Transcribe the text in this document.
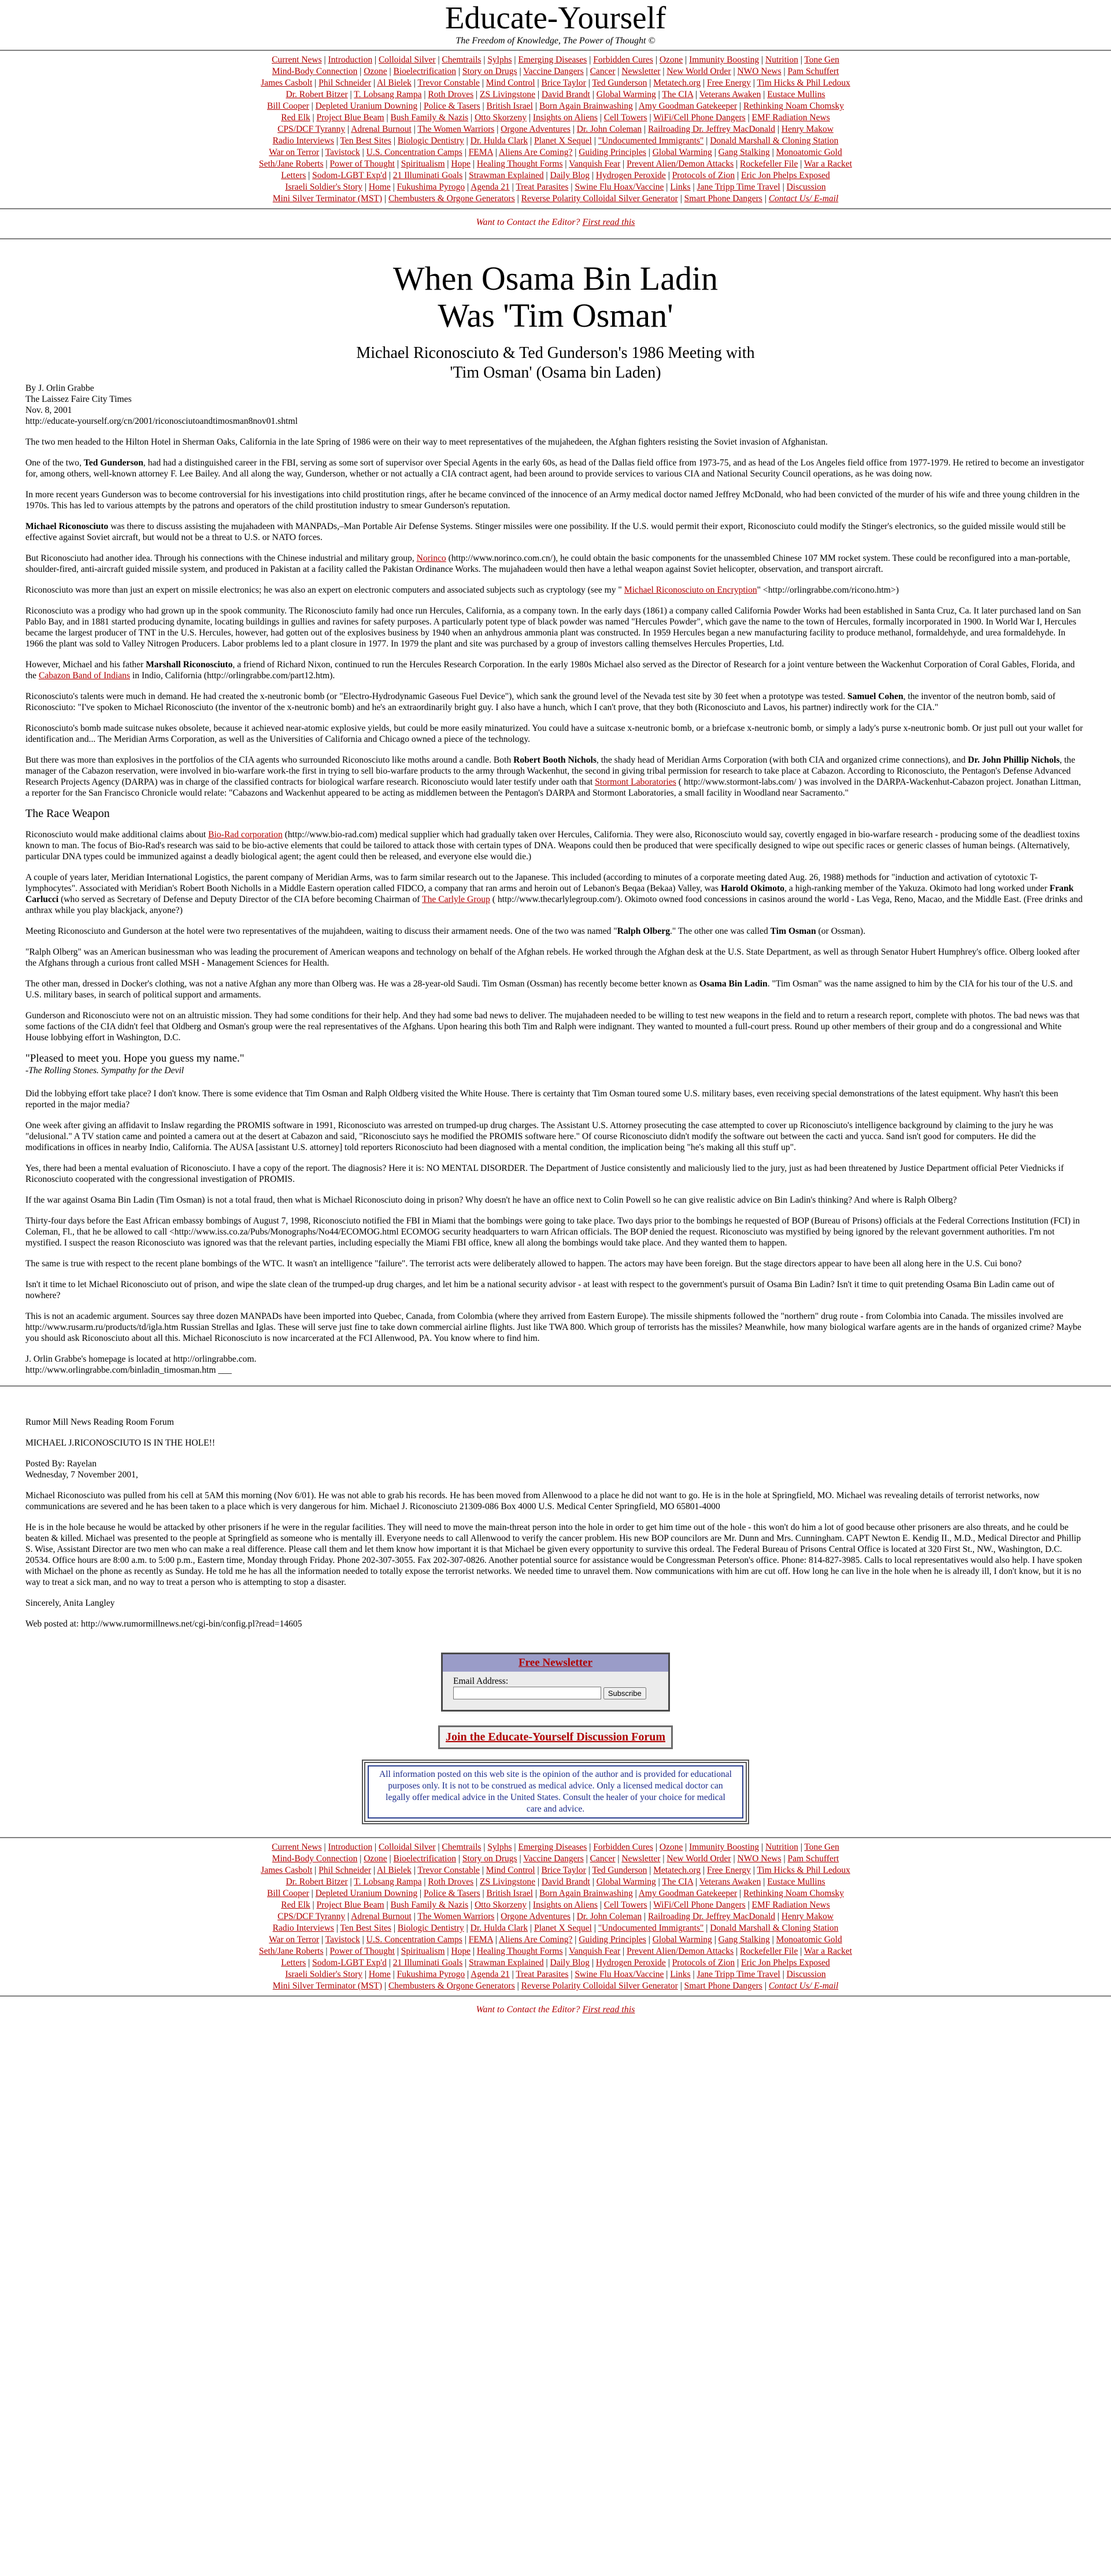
Educate-Yourself
The Freedom of Knowledge, The Power of Thought ©
Current News | Introduction | Colloidal Silver | Chemtrails | Sylphs | Emerging Diseases | Forbidden Cures | Ozone | Immunity Boosting | Nutrition | Tone Gen
Mind-Body Connection | Ozone | Bioelectrification | Story on Drugs | Vaccine Dangers | Cancer | Newsletter | New World Order | NWO News | Pam Schuffert
James Casbolt | Phil Schneider | Al Bielek | Trevor Constable | Mind Control | Brice Taylor | Ted Gunderson | Metatech.org | Free Energy | Tim Hicks & Phil Ledoux
Dr. Robert Bitzer | T. Lobsang Rampa | Roth Droves | ZS Livingstone | David Brandt | Global Warming | The CIA | Veterans Awaken | Eustace Mullins
Bill Cooper | Depleted Uranium Downing | Police & Tasers | British Israel | Born Again Brainwashing | Amy Goodman Gatekeeper | Rethinking Noam Chomsky
Red Elk | Project Blue Beam | Bush Family & Nazis | Otto Skorzeny | Insights on Aliens | Cell Towers | WiFi/Cell Phone Dangers | EMF Radiation News
CPS/DCF Tyranny | Adrenal Burnout | The Women Warriors | Orgone Adventures | Dr. John Coleman | Railroading Dr. Jeffrey MacDonald | Henry Makow
Radio Interviews | Ten Best Sites | Biologic Dentistry | Dr. Hulda Clark | Planet X Sequel | "Undocumented Immigrants" | Donald Marshall & Cloning Station
War on Terror | Tavistock | U.S. Concentration Camps | FEMA | Aliens Are Coming? | Guiding Principles | Global Warming | Gang Stalking | Monoatomic Gold
Seth/Jane Roberts | Power of Thought | Spiritualism | Hope | Healing Thought Forms | Vanquish Fear | Prevent Alien/Demon Attacks | Rockefeller File | War a Racket
Letters | Sodom-LGBT Exp'd | 21 Illuminati Goals | Strawman Explained | Daily Blog | Hydrogen Peroxide | Protocols of Zion | Eric Jon Phelps Exposed
Israeli Soldier's Story | Home | Fukushima Pyrogo | Agenda 21 | Treat Parasites | Swine Flu Hoax/Vaccine | Links | Jane Tripp Time Travel | Discussion
Mini Silver Terminator (MST) | Chembusters & Orgone Generators | Reverse Polarity Colloidal Silver Generator | Smart Phone Dangers | Contact Us/ E-mail
Want to Contact the Editor? First read this
When Osama Bin Ladin
Was 'Tim Osman'
Michael Riconosciuto & Ted Gunderson's 1986 Meeting with
'Tim Osman' (Osama bin Laden)

By J. Orlin Grabbe
The Laissez Faire City Times
Nov. 8, 2001
http://educate-yourself.org/cn/2001/riconosciutoandtimosman8nov01.shtml

The two men headed to the Hilton Hotel in Sherman Oaks, California in the late Spring of 1986 were on their way to meet representatives of the mujahedeen, the Afghan fighters resisting the Soviet invasion of Afghanistan.

One of the two, Ted Gunderson, had had a distinguished career in the FBI, serving as some sort of supervisor over Special Agents in the early 60s, as head of the Dallas field office from 1973-75, and as head of the Los Angeles field office from 1977-1979. He retired to become an investigator for, among others, well-known attorney F. Lee Bailey. And all along the way, Gunderson, whether or not actually a CIA contract agent, had been around to provide services to various CIA and National Security Council operations, as he was doing now.

In more recent years Gunderson was to become controversial for his investigations into child prostitution rings, after he became convinced of the innocence of an Army medical doctor named Jeffrey McDonald, who had been convicted of the murder of his wife and three young children in the 1970s. This has led to various attempts by the patrons and operators of the child prostitution industry to smear Gunderson's reputation.

Michael Riconosciuto was there to discuss assisting the mujahadeen with MANPADs,–Man Portable Air Defense Systems. Stinger missiles were one possibility. If the U.S. would permit their export, Riconosciuto could modify the Stinger's electronics, so the guided missile would still be effective against Soviet aircraft, but would not be a threat to U.S. or NATO forces.

But Riconosciuto had another idea. Through his connections with the Chinese industrial and military group, Norinco (http://www.norinco.com.cn/), he could obtain the basic components for the unassembled Chinese 107 MM rocket system. These could be reconfigured into a man-portable, shoulder-fired, anti-aircraft guided missile system, and produced in Pakistan at a facility called the Pakistan Ordinance Works. The mujahadeen would then have a lethal weapon against Soviet helicopter, observation, and transport aircraft.

Riconosciuto was more than just an expert on missile electronics; he was also an expert on electronic computers and associated subjects such as cryptology (see my " Michael Riconosciuto on Encryption" <http://orlingrabbe.com/ricono.htm>)

Riconosciuto was a prodigy who had grown up in the spook community. The Riconosciuto family had once run Hercules, California, as a company town. In the early days (1861) a company called California Powder Works had been established in Santa Cruz, Ca. It later purchased land on San Pablo Bay, and in 1881 started producing dynamite, locating buildings in gullies and ravines for safety purposes. A particularly potent type of black powder was named "Hercules Powder", which gave the name to the town of Hercules, formally incorporated in 1900. In World War I, Hercules became the largest producer of TNT in the U.S. Hercules, however, had gotten out of the explosives business by 1940 when an anhydrous ammonia plant was constructed. In 1959 Hercules began a new manufacturing facility to produce methanol, formaldehyde, and urea formaldehyde. In 1966 the plant was sold to Valley Nitrogen Producers. Labor problems led to a plant closure in 1977. In 1979 the plant and site was purchased by a group of investors calling themselves Hercules Properties, Ltd.

However, Michael and his father Marshall Riconosciuto, a friend of Richard Nixon, continued to run the Hercules Research Corporation. In the early 1980s Michael also served as the Director of Research for a joint venture between the Wackenhut Corporation of Coral Gables, Florida, and the Cabazon Band of Indians in Indio, California (http://orlingrabbe.com/part12.htm).

Riconosciuto's talents were much in demand. He had created the x-neutronic bomb (or "Electro-Hydrodynamic Gaseous Fuel Device"), which sank the ground level of the Nevada test site by 30 feet when a prototype was tested. Samuel Cohen, the inventor of the neutron bomb, said of Riconosciuto: "I've spoken to Michael Riconosciuto (the inventor of the x-neutronic bomb) and he's an extraordinarily bright guy. I also have a hunch, which I can't prove, that they both (Riconosciuto and Lavos, his partner) indirectly work for the CIA."

Riconosciuto's bomb made suitcase nukes obsolete, because it achieved near-atomic explosive yields, but could be more easily minaturized. You could have a suitcase x-neutronic bomb, or a briefcase x-neutronic bomb, or simply a lady's purse x-neutronic bomb. Or just pull out your wallet for identification and... The Meridian Arms Corporation, as well as the Universities of California and Chicago owned a piece of the technology.

But there was more than explosives in the portfolios of the CIA agents who surrounded Riconosciuto like moths around a candle. Both Robert Booth Nichols, the shady head of Meridian Arms Corporation (with both CIA and organized crime connections), and Dr. John Phillip Nichols, the manager of the Cabazon reservation, were involved in bio-warfare work-the first in trying to sell bio-warfare products to the army through Wackenhut, the second in giving tribal permission for research to take place at Cabazon. According to Riconosciuto, the Pentagon's Defense Advanced Research Projects Agency (DARPA) was in charge of the classified contracts for biological warfare research. Riconosciuto would later testify under oath that Stormont Laboratories ( http://www.stormont-labs.com/ ) was involved in the DARPA-Wackenhut-Cabazon project. Jonathan Littman, a reporter for the San Francisco Chronicle would relate: "Cabazons and Wackenhut appeared to be acting as middlemen between the Pentagon's DARPA and Stormont Laboratories, a small facility in Woodland near Sacramento."

The Race Weapon

Riconosciuto would make additional claims about Bio-Rad corporation (http://www.bio-rad.com) medical supplier which had gradually taken over Hercules, California. They were also, Riconosciuto would say, covertly engaged in bio-warfare research - producing some of the deadliest toxins known to man. The focus of Bio-Rad's research was said to be bio-active elements that could be tailored to attack those with certain types of DNA. Weapons could then be produced that were specifically designed to wipe out specific races or generic classes of human beings. (Alternatively, particular DNA types could be immunized against a deadly biological agent; the agent could then be released, and everyone else would die.)

A couple of years later, Meridian International Logistics, the parent company of Meridian Arms, was to farm similar research out to the Japanese. This included (according to minutes of a corporate meeting dated Aug. 26, 1988) methods for "induction and activation of cytotoxic T-lymphocytes". Associated with Meridian's Robert Booth Nicholls in a Middle Eastern operation called FIDCO, a company that ran arms and heroin out of Lebanon's Beqaa (Bekaa) Valley, was Harold Okimoto, a high-ranking member of the Yakuza. Okimoto had long worked under Frank Carlucci (who served as Secretary of Defense and Deputy Director of the CIA before becoming Chairman of The Carlyle Group ( http://www.thecarlylegroup.com/). Okimoto owned food concessions in casinos around the world - Las Vega, Reno, Macao, and the Middle East. (Free drinks and anthrax while you play blackjack, anyone?)

Meeting Riconosciuto and Gunderson at the hotel were two representatives of the mujahdeen, waiting to discuss their armament needs. One of the two was named "Ralph Olberg." The other one was called Tim Osman (or Ossman).

"Ralph Olberg" was an American businessman who was leading the procurement of American weapons and technology on behalf of the Afghan rebels. He worked through the Afghan desk at the U.S. State Department, as well as through Senator Hubert Humphrey's office. Olberg looked after the Afghans through a curious front called MSH - Management Sciences for Health.

The other man, dressed in Docker's clothing, was not a native Afghan any more than Olberg was. He was a 28-year-old Saudi. Tim Osman (Ossman) has recently become better known as Osama Bin Ladin. "Tim Osman" was the name assigned to him by the CIA for his tour of the U.S. and U.S. military bases, in search of political support and armaments.

Gunderson and Riconosciuto were not on an altruistic mission. They had some conditions for their help. And they had some bad news to deliver. The mujahadeen needed to be willing to test new weapons in the field and to return a research report, complete with photos. The bad news was that some factions of the CIA didn't feel that Oldberg and Osman's group were the real representatives of the Afghans. Upon hearing this both Tim and Ralph were indignant. They wanted to mounted a full-court press. Round up other members of their group and do a congressional and White House lobbying effort in Washington, D.C.

"Pleased to meet you. Hope you guess my name."
-The Rolling Stones. Sympathy for the Devil

Did the lobbying effort take place? I don't know. There is some evidence that Tim Osman and Ralph Oldberg visited the White House. There is certainty that Tim Osman toured some U.S. military bases, even receiving special demonstrations of the latest equipment. Why hasn't this been reported in the major media?

One week after giving an affidavit to Inslaw regarding the PROMIS software in 1991, Riconosciuto was arrested on trumped-up drug charges. The Assistant U.S. Attorney prosecuting the case attempted to cover up Riconosciuto's intelligence background by claiming to the jury he was "delusional." A TV station came and pointed a camera out at the desert at Cabazon and said, "Riconosciuto says he modified the PROMIS software here." Of course Riconosciuto didn't modify the software out between the cacti and yucca. Sand isn't good for computers. He did the modifications in offices in nearby Indio, California. The AUSA [assistant U.S. attorney] told reporters Riconosciuto had been diagnosed with a mental condition, the implication being "he's making all this stuff up".

Yes, there had been a mental evaluation of Riconosciuto. I have a copy of the report. The diagnosis? Here it is: NO MENTAL DISORDER. The Department of Justice consistently and maliciously lied to the jury, just as had been threatened by Justice Department official Peter Viednicks if Riconosciuto cooperated with the congressional investigation of PROMIS.

If the war against Osama Bin Ladin (Tim Osman) is not a total fraud, then what is Michael Riconosciuto doing in prison? Why doesn't he have an office next to Colin Powell so he can give realistic advice on Bin Ladin's thinking? And where is Ralph Olberg?

Thirty-four days before the East African embassy bombings of August 7, 1998, Riconosciuto notified the FBI in Miami that the bombings were going to take place. Two days prior to the bombings he requested of BOP (Bureau of Prisons) officials at the Federal Corrections Institution (FCI) in Coleman, Fl., that he be allowed to call <http://www.iss.co.za/Pubs/Monographs/No44/ECOMOG.html ECOMOG security headquarters to warn African officials. The BOP denied the request. Riconosciuto was mystified by being ignored by the relevant government authorities. I'm not mystified. I suspect the reason Riconosciuto was ignored was that the relevant parties, including especially the Miami FBI office, knew all along the bombings would take place. And they wanted them to happen.

The same is true with respect to the recent plane bombings of the WTC. It wasn't an intelligence "failure". The terrorist acts were deliberately allowed to happen. The actors may have been foreign. But the stage directors appear to have been all along here in the U.S. Cui bono?

Isn't it time to let Michael Riconosciuto out of prison, and wipe the slate clean of the trumped-up drug charges, and let him be a national security advisor - at least with respect to the government's pursuit of Osama Bin Ladin? Isn't it time to quit pretending Osama Bin Ladin came out of nowhere?

This is not an academic argument. Sources say three dozen MANPADs have been imported into Quebec, Canada, from Colombia (where they arrived from Eastern Europe). The missile shipments followed the "northern" drug route - from Colombia into Canada. The missiles involved are http://www.rusarm.ru/products/td/igla.htm Russian Strellas and Iglas. These will serve just fine to take down commercial airline flights. Just like TWA 800. Which group of terrorists has the missiles? Meanwhile, how many biological warfare agents are in the hands of organized crime? Maybe you should ask Riconosciuto about all this. Michael Riconosciuto is now incarcerated at the FCI Allenwood, PA. You know where to find him.

J. Orlin Grabbe's homepage is located at http://orlingrabbe.com.
http://www.orlingrabbe.com/binladin_timosman.htm ___

Rumor Mill News Reading Room Forum

MICHAEL J.RICONOSCIUTO IS IN THE HOLE!!

Posted By: Rayelan
Wednesday, 7 November 2001,

Michael Riconosciuto was pulled from his cell at 5AM this morning (Nov 6/01). He was not able to grab his records. He has been moved from Allenwood to a place he did not want to go. He is in the hole at Springfield, MO. Michael was revealing details of terrorist networks, now communications are severed and he has been taken to a place which is very dangerous for him. Michael J. Riconosciuto 21309-086 Box 4000 U.S. Medical Center Springfield, MO 65801-4000

He is in the hole because he would be attacked by other prisoners if he were in the regular facilities. They will need to move the main-threat person into the hole in order to get him time out of the hole - this won't do him a lot of good because other prisoners are also threats, and he could be beaten & killed. Michael was presented to the people at Springfield as someone who is mentally ill. Everyone needs to call Allenwood to verify the cancer problem. His new BOP councilors are Mr. Dunn and Mrs. Cunningham. CAPT Newton E. Kendig II., M.D., Medical Director and Phillip S. Wise, Assistant Director are two men who can make a real difference. Please call them and let them know how important it is that Michael be given every opportunity to survive this ordeal. The Federal Bureau of Prisons Central Office is located at 320 First St., NW., Washington, D.C. 20534. Office hours are 8:00 a.m. to 5:00 p.m., Eastern time, Monday through Friday. Phone 202-307-3055. Fax 202-307-0826. Another potential source for assistance would be Congressman Peterson's office. Phone: 814-827-3985. Calls to local representatives would also help. I have spoken with Michael on the phone as recently as Sunday. He told me he has all the information needed to totally expose the terrorist networks. We needed time to unravel them. Now communications with him are cut off. How long he can live in the hole when he is already ill, I don't know, but it is no way to treat a sick man, and no way to treat a person who is attempting to stop a disaster.

Sincerely, Anita Langley

Web posted at: http://www.rumormillnews.net/cgi-bin/config.pl?read=14605

Free Newsletter
Email Address:
Subscribe

Join the Educate-Yourself Discussion Forum
All information posted on this web site is the opinion of the author and is provided for educational purposes only. It is not to be construed as medical advice. Only a licensed medical doctor can legally offer medical advice in the United States. Consult the healer of your choice for medical care and advice.
Current News | Introduction | Colloidal Silver | Chemtrails | Sylphs | Emerging Diseases | Forbidden Cures | Ozone | Immunity Boosting | Nutrition | Tone Gen
Mind-Body Connection | Ozone | Bioelectrification | Story on Drugs | Vaccine Dangers | Cancer | Newsletter | New World Order | NWO News | Pam Schuffert
James Casbolt | Phil Schneider | Al Bielek | Trevor Constable | Mind Control | Brice Taylor | Ted Gunderson | Metatech.org | Free Energy | Tim Hicks & Phil Ledoux
Dr. Robert Bitzer | T. Lobsang Rampa | Roth Droves | ZS Livingstone | David Brandt | Global Warming | The CIA | Veterans Awaken | Eustace Mullins
Bill Cooper | Depleted Uranium Downing | Police & Tasers | British Israel | Born Again Brainwashing | Amy Goodman Gatekeeper | Rethinking Noam Chomsky
Red Elk | Project Blue Beam | Bush Family & Nazis | Otto Skorzeny | Insights on Aliens | Cell Towers | WiFi/Cell Phone Dangers | EMF Radiation News
CPS/DCF Tyranny | Adrenal Burnout | The Women Warriors | Orgone Adventures | Dr. John Coleman | Railroading Dr. Jeffrey MacDonald | Henry Makow
Radio Interviews | Ten Best Sites | Biologic Dentistry | Dr. Hulda Clark | Planet X Sequel | "Undocumented Immigrants" | Donald Marshall & Cloning Station
War on Terror | Tavistock | U.S. Concentration Camps | FEMA | Aliens Are Coming? | Guiding Principles | Global Warming | Gang Stalking | Monoatomic Gold
Seth/Jane Roberts | Power of Thought | Spiritualism | Hope | Healing Thought Forms | Vanquish Fear | Prevent Alien/Demon Attacks | Rockefeller File | War a Racket
Letters | Sodom-LGBT Exp'd | 21 Illuminati Goals | Strawman Explained | Daily Blog | Hydrogen Peroxide | Protocols of Zion | Eric Jon Phelps Exposed
Israeli Soldier's Story | Home | Fukushima Pyrogo | Agenda 21 | Treat Parasites | Swine Flu Hoax/Vaccine | Links | Jane Tripp Time Travel | Discussion
Mini Silver Terminator (MST) | Chembusters & Orgone Generators | Reverse Polarity Colloidal Silver Generator | Smart Phone Dangers | Contact Us/ E-mail
Want to Contact the Editor? First read this
